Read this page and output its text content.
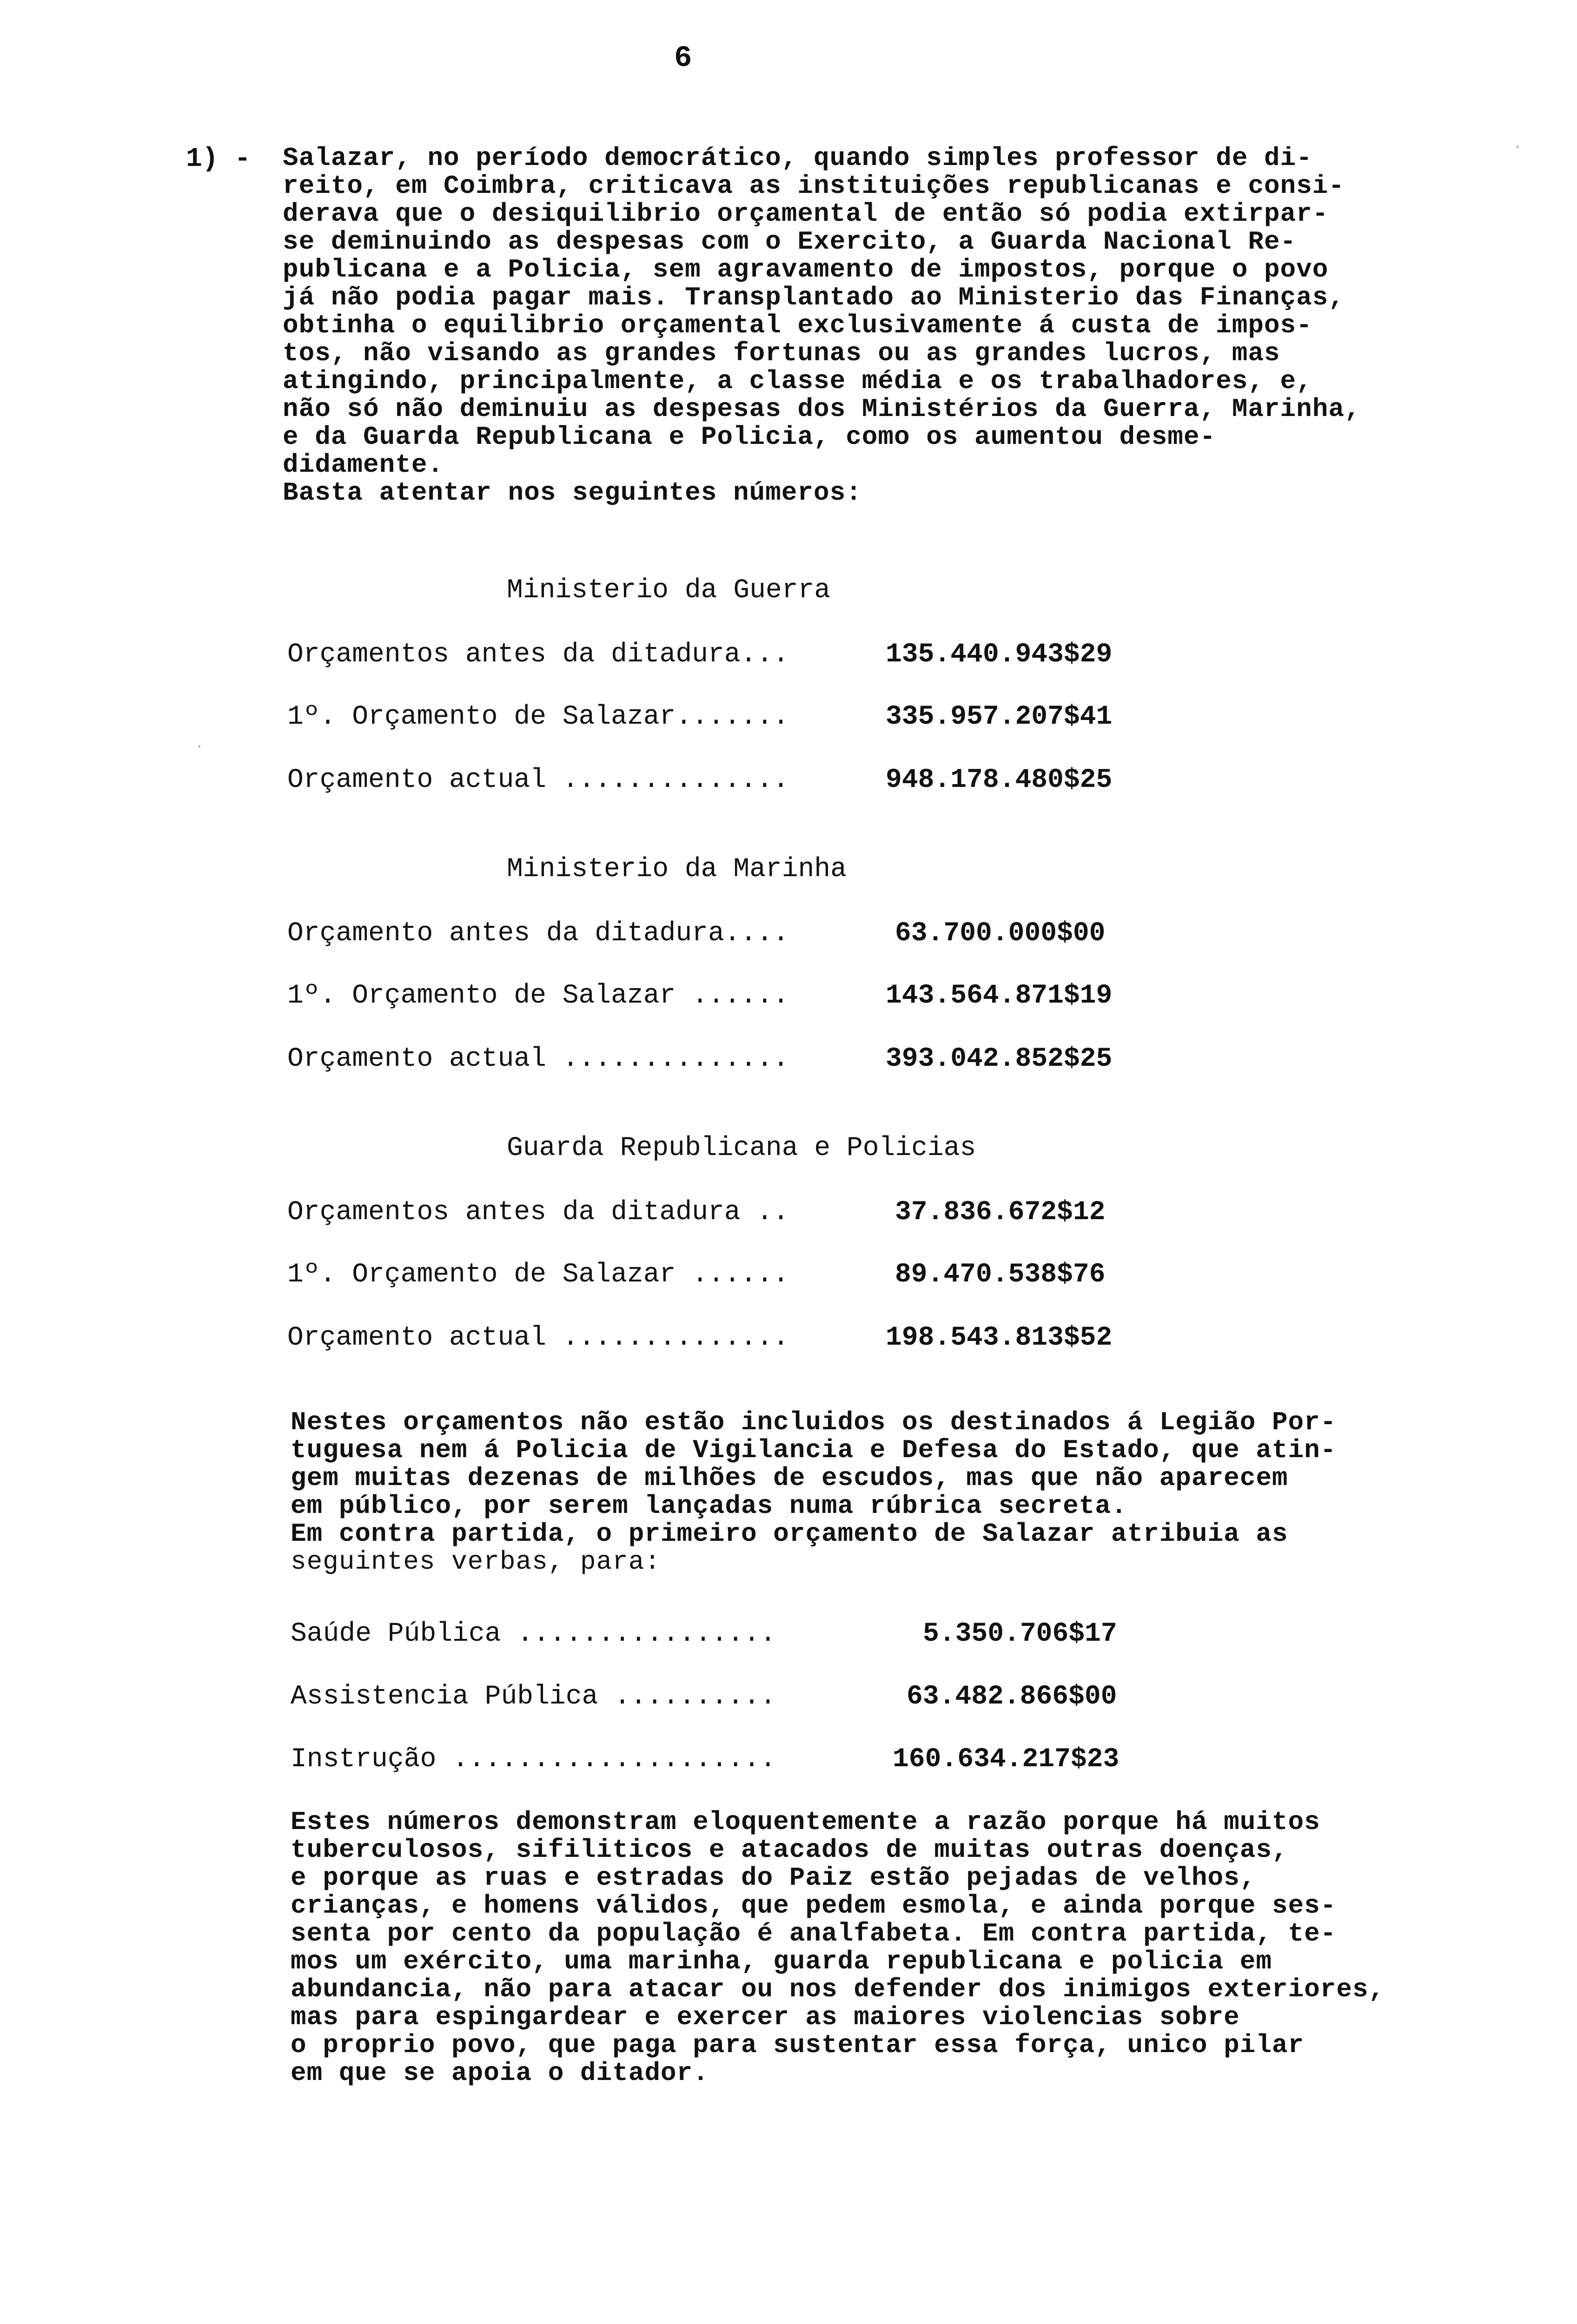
6
1) - Salazar, no período democrático, quando simples professor de di-
reito, em Coimbra, criticava as instituições republicanas e consi-
derava que o desiquilibrio orçamental de então só podia extirpar-
se deminuindo as despesas com o Exercito, a Guarda Nacional Re-
publicana e a Policia, sem agravamento de impostos, porque o povo
já não podia pagar mais. Transplantado ao Ministerio das Finanças,
obtinha o equilibrio orçamental exclusivamente á custa de impos-
tos, não visando as grandes fortunas ou as grandes lucros, mas
atingindo, principalmente, a classe média e os trabalhadores, e,
não só não deminuiu as despesas dos Ministérios da Guerra, Marinha,
e da Guarda Republicana e Policia, como os aumentou desme-
didamente.
Basta atentar nos seguintes números:
Ministerio da Guerra
Orçamentos antes da ditadura...	135.440.943$29
1º. Orçamento de Salazar.......	335.957.207$41
Orçamento actual ..............	948.178.480$25
Ministerio da Marinha
Orçamento antes da ditadura....	63.700.000$00
1º. Orçamento de Salazar ......	143.564.871$19
Orçamento actual ..............	393.042.852$25
Guarda Republicana e Policias
Orçamentos antes da ditadura ..	37.836.672$12
1º. Orçamento de Salazar ......	89.470.538$76
Orçamento actual ..............	198.543.813$52
Nestes orçamentos não estão incluidos os destinados á Legião Por-
tuguesa nem á Policia de Vigilancia e Defesa do Estado, que atin-
gem muitas dezenas de milhões de escudos, mas que não aparecem
em público, por serem lançadas numa rúbrica secreta.
Em contra partida, o primeiro orçamento de Salazar atribuia as
seguintes verbas, para:
Saúde Pública ................	5.350.706$17
Assistencia Pública ..........	63.482.866$00
Instrução ....................	160.634.217$23
Estes números demonstram eloquentemente a razão porque há muitos
tuberculosos, sifiliticos e atacados de muitas outras doenças,
e porque as ruas e estradas do Paiz estão pejadas de velhos,
crianças, e homens válidos, que pedem esmola, e ainda porque ses-
senta por cento da população é analfabeta. Em contra partida, te-
mos um exército, uma marinha, guarda republicana e policia em
abundancia, não para atacar ou nos defender dos inimigos exteriores,
mas para espingardear e exercer as maiores violencias sobre
o proprio povo, que paga para sustentar essa força, unico pilar
em que se apoia o ditador.
·
·
